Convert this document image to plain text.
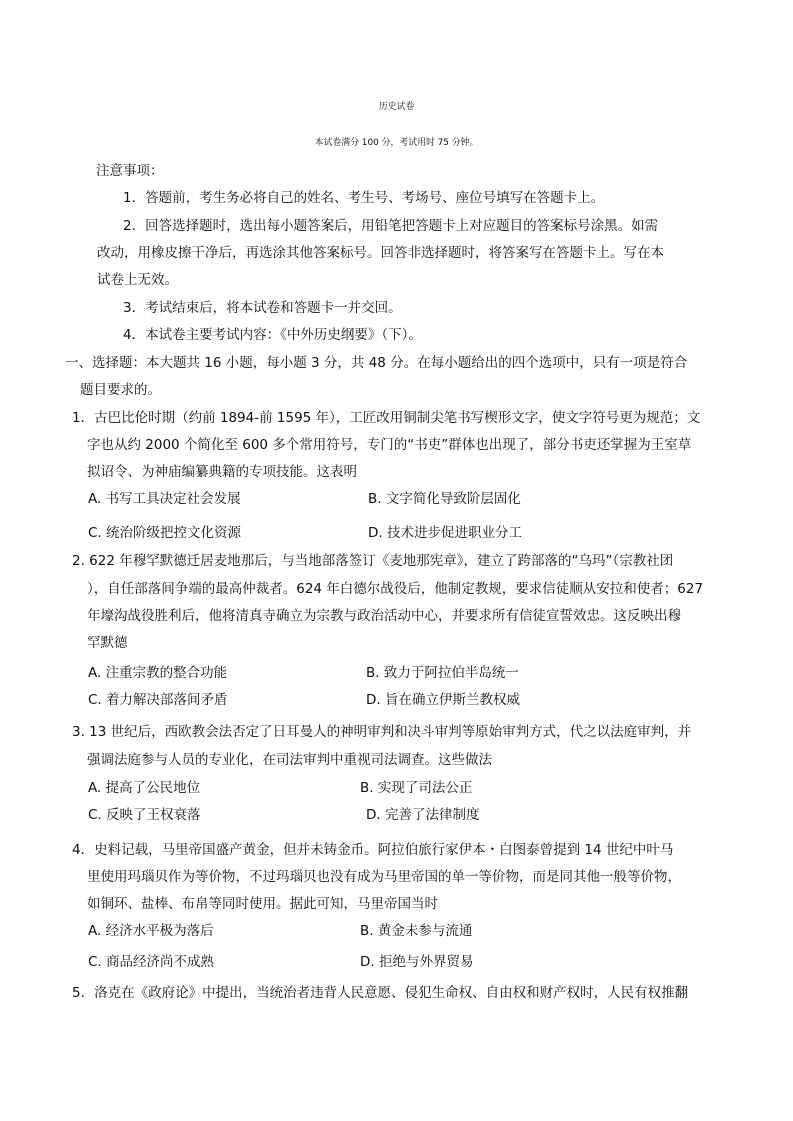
历史试卷
本试卷满分 100 分，考试用时 75 分钟。
注意事项：
1．答题前，考生务必将自己的姓名、考生号、考场号、座位号填写在答题卡上。
2．回答选择题时，选出每小题答案后，用铅笔把答题卡上对应题目的答案标号涂黑。如需
改动，用橡皮擦干净后，再选涂其他答案标号。回答非选择题时，将答案写在答题卡上。写在本
试卷上无效。
3．考试结束后，将本试卷和答题卡一并交回。
4．本试卷主要考试内容：《中外历史纲要》（下）。
一、选择题：本大题共 16 小题，每小题 3 分，共 48 分。在每小题给出的四个选项中，只有一项是符合
题目要求的。
1．古巴比伦时期（约前 1894-前 1595 年），工匠改用铜制尖笔书写楔形文字，使文字符号更为规范；文
字也从约 2000 个简化至 600 多个常用符号，专门的“书吏”群体也出现了，部分书吏还掌握为王室草
拟诏令、为神庙编纂典籍的专项技能。这表明
A. 书写工具决定社会发展	B. 文字简化导致阶层固化
C. 统治阶级把控文化资源	D. 技术进步促进职业分工
2. 622 年穆罕默德迁居麦地那后，与当地部落签订《麦地那宪章》，建立了跨部落的“乌玛”（宗教社团
），自任部落间争端的最高仲裁者。624 年白德尔战役后，他制定教规，要求信徒顺从安拉和使者；627
年壕沟战役胜利后，他将清真寺确立为宗教与政治活动中心，并要求所有信徒宣誓效忠。这反映出穆
罕默德
A. 注重宗教的整合功能	B. 致力于阿拉伯半岛统一
C. 着力解决部落间矛盾	D. 旨在确立伊斯兰教权威
3. 13 世纪后，西欧教会法否定了日耳曼人的神明审判和决斗审判等原始审判方式，代之以法庭审判，并
强调法庭参与人员的专业化，在司法审判中重视司法调查。这些做法
A. 提高了公民地位	B. 实现了司法公正
C. 反映了王权衰落	D. 完善了法律制度
4．史料记载，马里帝国盛产黄金，但并未铸金币。阿拉伯旅行家伊本・白图泰曾提到 14 世纪中叶马
里使用玛瑙贝作为等价物，不过玛瑙贝也没有成为马里帝国的单一等价物，而是同其他一般等价物，
如铜环、盐棒、布帛等同时使用。据此可知，马里帝国当时
A. 经济水平极为落后	B. 黄金未参与流通
C. 商品经济尚不成熟	D. 拒绝与外界贸易
5．洛克在《政府论》中提出，当统治者违背人民意愿、侵犯生命权、自由权和财产权时，人民有权推翻
